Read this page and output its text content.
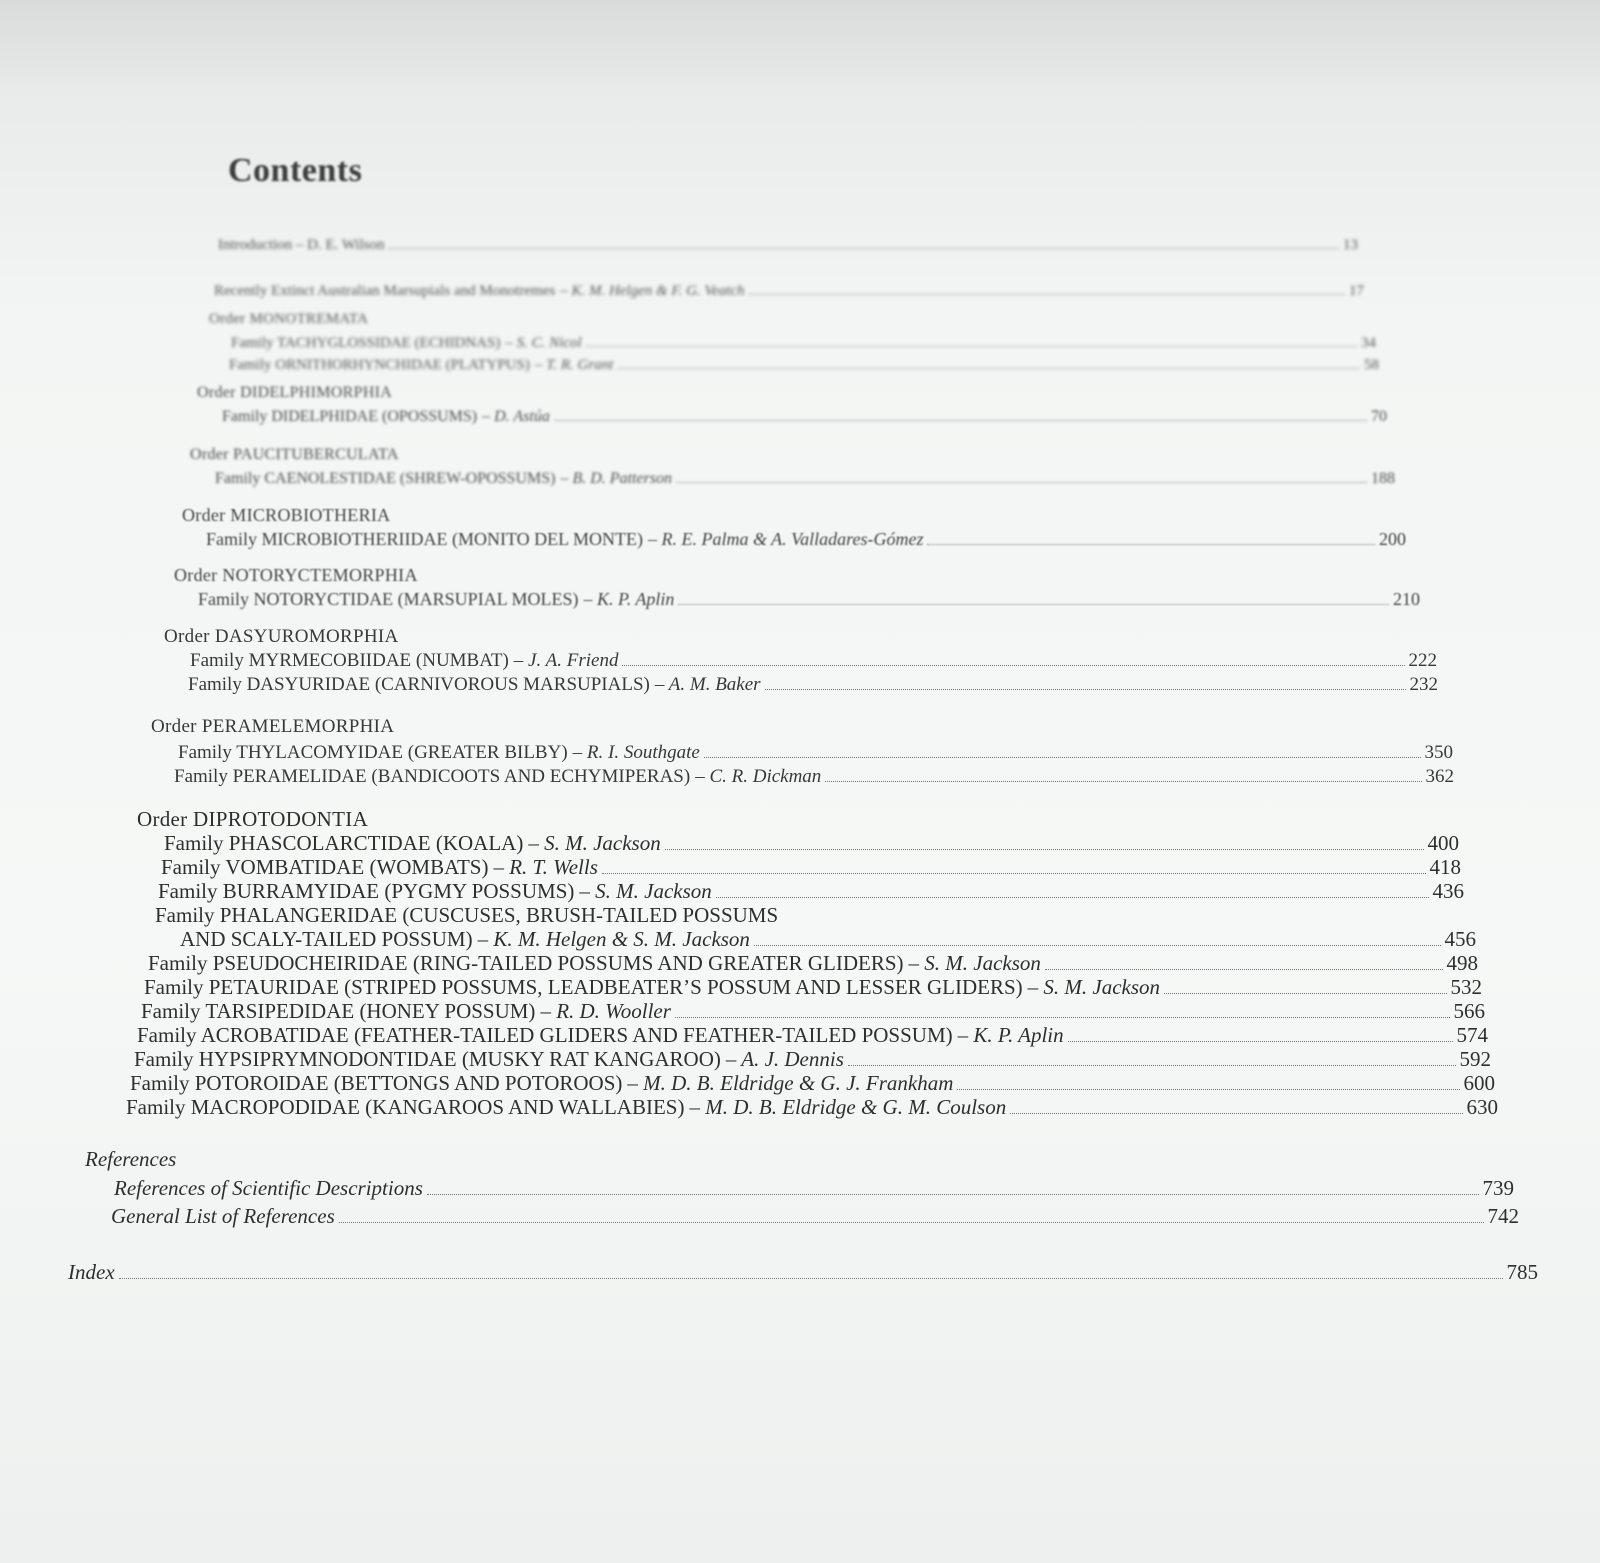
Contents
Introduction – D. E. Wilson	13
Recently Extinct Australian Marsupials and Monotremes – K. M. Helgen & F. G. Veatch	17
Order MONOTREMATA
Family TACHYGLOSSIDAE (ECHIDNAS) – S. C. Nicol	34
Family ORNITHORHYNCHIDAE (PLATYPUS) – T. R. Grant	58
Order DIDELPHIMORPHIA
Family DIDELPHIDAE (OPOSSUMS) – D. Astúa	70
Order PAUCITUBERCULATA
Family CAENOLESTIDAE (SHREW-OPOSSUMS) – B. D. Patterson	188
Order MICROBIOTHERIA
Family MICROBIOTHERIIDAE (MONITO DEL MONTE) – R. E. Palma & A. Valladares-Gómez	200
Order NOTORYCTEMORPHIA
Family NOTORYCTIDAE (MARSUPIAL MOLES) – K. P. Aplin	210
Order DASYUROMORPHIA
Family MYRMECOBIIDAE (NUMBAT) – J. A. Friend	222
Family DASYURIDAE (CARNIVOROUS MARSUPIALS) – A. M. Baker	232
Order PERAMELEMORPHIA
Family THYLACOMYIDAE (GREATER BILBY) – R. I. Southgate	350
Family PERAMELIDAE (BANDICOOTS AND ECHYMIPERAS) – C. R. Dickman	362
Order DIPROTODONTIA
Family PHASCOLARCTIDAE (KOALA) – S. M. Jackson	400
Family VOMBATIDAE (WOMBATS) – R. T. Wells	418
Family BURRAMYIDAE (PYGMY POSSUMS) – S. M. Jackson	436
Family PHALANGERIDAE (CUSCUSES, BRUSH-TAILED POSSUMS
AND SCALY-TAILED POSSUM) – K. M. Helgen & S. M. Jackson	456
Family PSEUDOCHEIRIDAE (RING-TAILED POSSUMS AND GREATER GLIDERS) – S. M. Jackson	498
Family PETAURIDAE (STRIPED POSSUMS, LEADBEATER’S POSSUM AND LESSER GLIDERS) – S. M. Jackson	532
Family TARSIPEDIDAE (HONEY POSSUM) – R. D. Wooller	566
Family ACROBATIDAE (FEATHER-TAILED GLIDERS AND FEATHER-TAILED POSSUM) – K. P. Aplin	574
Family HYPSIPRYMNODONTIDAE (MUSKY RAT KANGAROO) – A. J. Dennis	592
Family POTOROIDAE (BETTONGS AND POTOROOS) – M. D. B. Eldridge & G. J. Frankham	600
Family MACROPODIDAE (KANGAROOS AND WALLABIES) – M. D. B. Eldridge & G. M. Coulson	630
References
References of Scientific Descriptions	739
General List of References	742
Index	785
